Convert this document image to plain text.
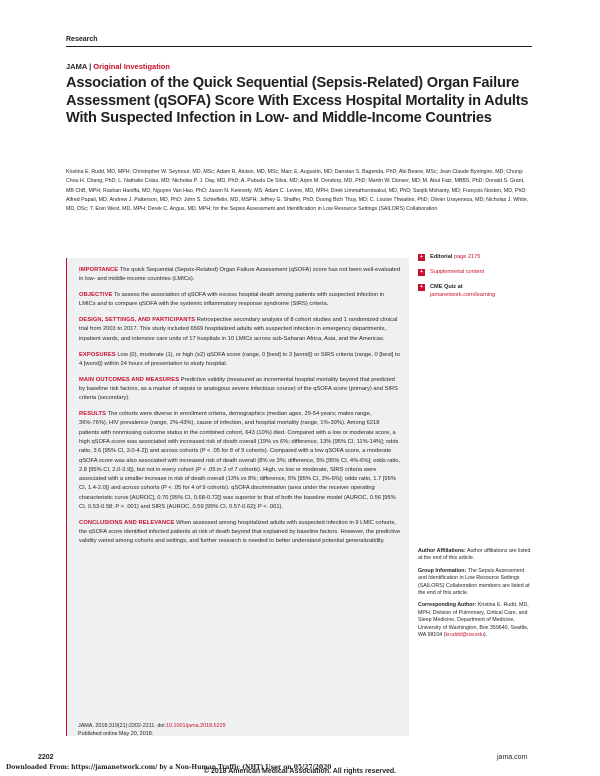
Research
JAMA | Original Investigation
Association of the Quick Sequential (Sepsis-Related) Organ Failure Assessment (qSOFA) Score With Excess Hospital Mortality in Adults With Suspected Infection in Low- and Middle-Income Countries
Kristina E. Rudd, MD, MPH; Christopher W. Seymour, MD, MSc; Adam R. Aluisio, MD, MSc; Marc E. Augustin, MD; Danstan S. Bagenda, PhD; Abi Beane, MSc; Jean Claude Byiringiro, MD; Chung-Chou H. Chang, PhD; L. Nathalie Colas, MD; Nicholas P. J. Day, MD, PhD; A. Pubudu De Silva, MD; Arjen M. Dondorp, MD, PhD; Martin W. Dünser, MD; M. Abul Faiz, MBBS, PhD; Donald S. Grant, MB ChB, MPH; Rashan Haniffa, MD; Nguyen Van Hao, PhD; Jason N. Kennedy, MS; Adam C. Levine, MD, MPH; Direk Limmathurotsakul, MD, PhD; Sanjib Mohanty, MD; François Nosten, MD, PhD; Alfred Papali, MD; Andrew J. Patterson, MD, PhD; John S. Schieffelin, MD, MSPH; Jeffrey G. Shaffer, PhD; Duong Bich Thuy, MD; C. Louise Thwaites, PhD; Olivier Urayeneza, MD; Nicholas J. White, MD, DSc; T. Eoin West, MD, MPH; Derek C. Angus, MD, MPH; for the Sepsis Assessment and Identification in Low Resource Settings (SAILORS) Collaboration
+	Editorial page 2175
+	Supplemental content
+	CME Quiz at
jamanetwork.com/learning

IMPORTANCE The quick Sequential (Sepsis-Related) Organ Failure Assessment (qSOFA) score has not been well-evaluated in low- and middle-income countries (LMICs).

OBJECTIVE To assess the association of qSOFA with excess hospital death among patients with suspected infection in LMICs and to compare qSOFA with the systemic inflammatory response syndrome (SIRS) criteria.

DESIGN, SETTINGS, AND PARTICIPANTS Retrospective secondary analysis of 8 cohort studies and 1 randomized clinical trial from 2003 to 2017. This study included 6569 hospitalized adults with suspected infection in emergency departments, inpatient wards, and intensive care units of 17 hospitals in 10 LMICs across sub-Saharan Africa, Asia, and the Americas.

EXPOSURES Low (0), moderate (1), or high (≥2) qSOFA score (range, 0 [best] to 3 [worst]) or SIRS criteria (range, 0 [best] to 4 [worst]) within 24 hours of presentation to study hospital.

MAIN OUTCOMES AND MEASURES Predictive validity (measured as incremental hospital mortality beyond that predicted by baseline risk factors, as a marker of sepsis or analogous severe infectious course) of the qSOFA score (primary) and SIRS criteria (secondary).

RESULTS The cohorts were diverse in enrollment criteria, demographics (median ages, 29-54 years; males range, 36%-76%), HIV prevalence (range, 2%-43%), cause of infection, and hospital mortality (range, 1%-39%). Among 6218 patients with nonmissing outcome status in the combined cohort, 643 (10%) died. Compared with a low or moderate score, a high qSOFA score was associated with increased risk of death overall (19% vs 6%; difference, 13% [95% CI, 11%-14%]; odds ratio, 3.6 [95% CI, 3.0-4.2]) and across cohorts (P < .05 for 8 of 9 cohorts). Compared with a low qSOFA score, a moderate qSOFA score was also associated with increased risk of death overall (8% vs 3%; difference, 5% [95% CI, 4%-6%]; odds ratio, 2.8 [95% CI, 2.0-3.9]), but not in every cohort (P < .05 in 2 of 7 cohorts). High, vs low or moderate, SIRS criteria were associated with a smaller increase in risk of death overall (13% vs 8%; difference, 5% [95% CI, 3%-6%]; odds ratio, 1.7 [95% CI, 1.4-2.0]) and across cohorts (P < .05 for 4 of 9 cohorts). qSOFA discrimination (area under the receiver operating characteristic curve [AUROC], 0.70 [95% CI, 0.68-0.72]) was superior to that of both the baseline model (AUROC, 0.56 [95% CI, 0.53-0.58; P < .001) and SIRS (AUROC, 0.59 [95% CI, 0.57-0.62]; P < .001).

CONCLUSIONS AND RELEVANCE When assessed among hospitalized adults with suspected infection in 9 LMIC cohorts, the qSOFA score identified infected patients at risk of death beyond that explained by baseline factors. However, the predictive validity varied among cohorts and settings, and further research is needed to better understand potential generalizability.

JAMA. 2018;319(21):2202-2211. doi:10.1001/jama.2018.6229
Published online May 20, 2018.
Author Affiliations: Author affiliations are listed at the end of this article.
Group Information: The Sepsis Assessment and Identification in Low Resource Settings (SAILORS) Collaboration members are listed at the end of this article.
Corresponding Author: Kristina E. Rudd, MD, MPH, Division of Pulmonary, Critical Care, and Sleep Medicine, Department of Medicine, University of Washington, Box 359640, Seattle, WA 98104 (kruddd@uw.edu).
2202	jama.com
© 2018 American Medical Association. All rights reserved.
Downloaded From: https://jamanetwork.com/ by a Non-Human Traffic (NHT) User on 05/27/2020
